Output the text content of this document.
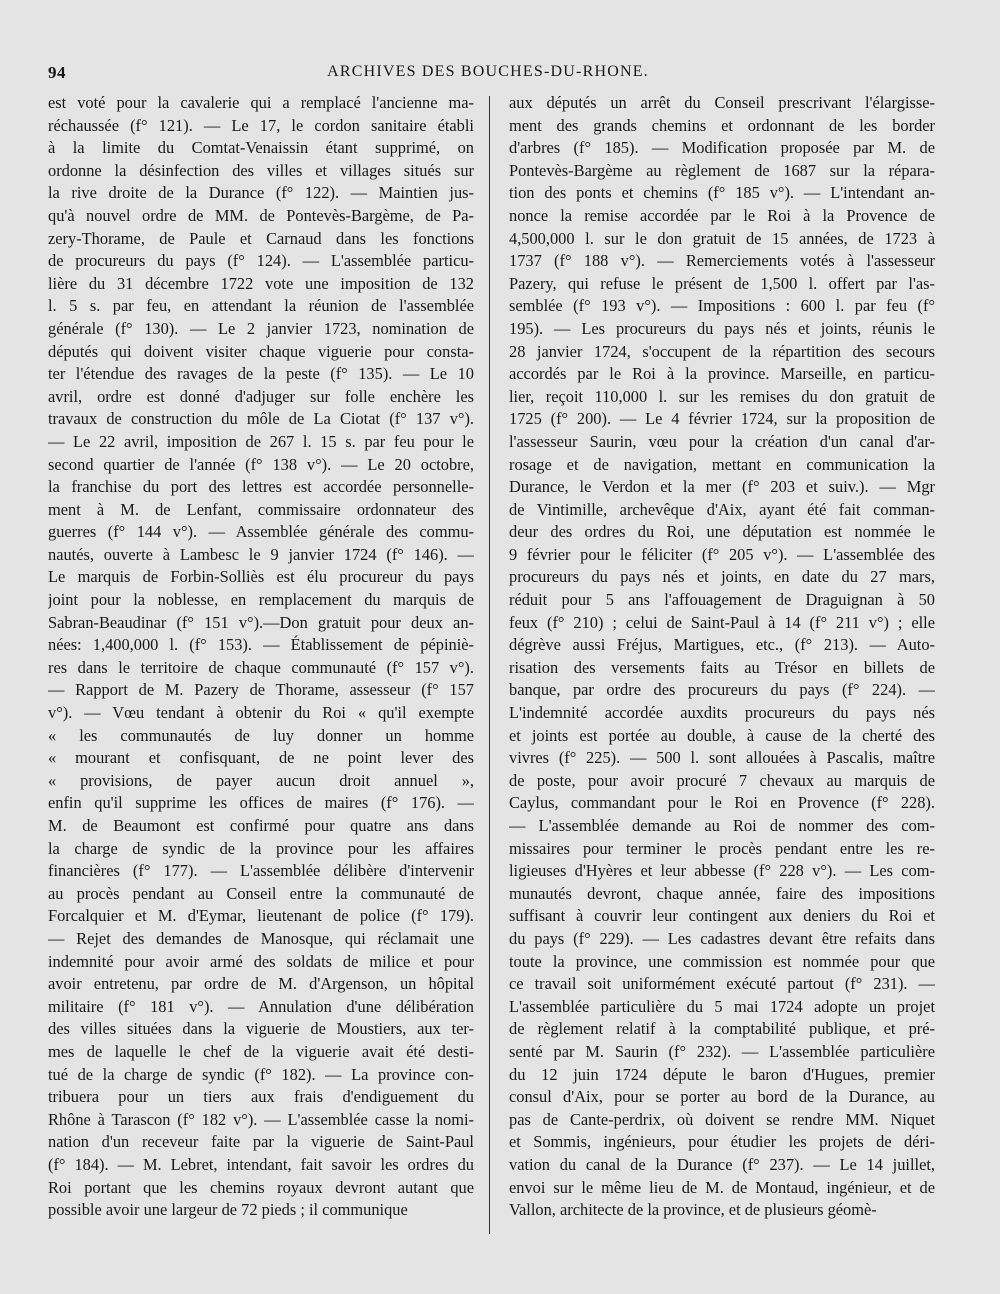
94	ARCHIVES DES BOUCHES-DU-RHONE.
est voté pour la cavalerie qui a remplacé l'ancienne ma-
réchaussée (f° 121). — Le 17, le cordon sanitaire établi
à la limite du Comtat-Venaissin étant supprimé, on
ordonne la désinfection des villes et villages situés sur
la rive droite de la Durance (f° 122). — Maintien jus-
qu'à nouvel ordre de MM. de Pontevès-Bargème, de Pa-
zery-Thorame, de Paule et Carnaud dans les fonctions
de procureurs du pays (f° 124). — L'assemblée particu-
lière du 31 décembre 1722 vote une imposition de 132
l. 5 s. par feu, en attendant la réunion de l'assemblée
générale (f° 130). — Le 2 janvier 1723, nomination de
députés qui doivent visiter chaque viguerie pour consta-
ter l'étendue des ravages de la peste (f° 135). — Le 10
avril, ordre est donné d'adjuger sur folle enchère les
travaux de construction du môle de La Ciotat (f° 137 v°).
— Le 22 avril, imposition de 267 l. 15 s. par feu pour le
second quartier de l'année (f° 138 v°). — Le 20 octobre,
la franchise du port des lettres est accordée personnelle-
ment à M. de Lenfant, commissaire ordonnateur des
guerres (f° 144 v°). — Assemblée générale des commu-
nautés, ouverte à Lambesc le 9 janvier 1724 (f° 146). —
Le marquis de Forbin-Solliès est élu procureur du pays
joint pour la noblesse, en remplacement du marquis de
Sabran-Beaudinar (f° 151 v°).—Don gratuit pour deux an-
nées: 1,400,000 l. (f° 153). — Établissement de pépiniè-
res dans le territoire de chaque communauté (f° 157 v°).
— Rapport de M. Pazery de Thorame, assesseur (f° 157
v°). — Vœu tendant à obtenir du Roi « qu'il exempte
« les communautés de luy donner un homme
« mourant et confisquant, de ne point lever des
« provisions, de payer aucun droit annuel »,
enfin qu'il supprime les offices de maires (f° 176). —
M. de Beaumont est confirmé pour quatre ans dans
la charge de syndic de la province pour les affaires
financières (f° 177). — L'assemblée délibère d'intervenir
au procès pendant au Conseil entre la communauté de
Forcalquier et M. d'Eymar, lieutenant de police (f° 179).
— Rejet des demandes de Manosque, qui réclamait une
indemnité pour avoir armé des soldats de milice et pour
avoir entretenu, par ordre de M. d'Argenson, un hôpital
militaire (f° 181 v°). — Annulation d'une délibération
des villes situées dans la viguerie de Moustiers, aux ter-
mes de laquelle le chef de la viguerie avait été desti-
tué de la charge de syndic (f° 182). — La province con-
tribuera pour un tiers aux frais d'endiguement du
Rhône à Tarascon (f° 182 v°). — L'assemblée casse la nomi-
nation d'un receveur faite par la viguerie de Saint-Paul
(f° 184). — M. Lebret, intendant, fait savoir les ordres du
Roi portant que les chemins royaux devront autant que
possible avoir une largeur de 72 pieds ; il communique
aux députés un arrêt du Conseil prescrivant l'élargisse-
ment des grands chemins et ordonnant de les border
d'arbres (f° 185). — Modification proposée par M. de
Pontevès-Bargème au règlement de 1687 sur la répara-
tion des ponts et chemins (f° 185 v°). — L'intendant an-
nonce la remise accordée par le Roi à la Provence de
4,500,000 l. sur le don gratuit de 15 années, de 1723 à
1737 (f° 188 v°). — Remerciements votés à l'assesseur
Pazery, qui refuse le présent de 1,500 l. offert par l'as-
semblée (f° 193 v°). — Impositions : 600 l. par feu (f°
195). — Les procureurs du pays nés et joints, réunis le
28 janvier 1724, s'occupent de la répartition des secours
accordés par le Roi à la province. Marseille, en particu-
lier, reçoit 110,000 l. sur les remises du don gratuit de
1725 (f° 200). — Le 4 février 1724, sur la proposition de
l'assesseur Saurin, vœu pour la création d'un canal d'ar-
rosage et de navigation, mettant en communication la
Durance, le Verdon et la mer (f° 203 et suiv.). — Mgr
de Vintimille, archevêque d'Aix, ayant été fait comman-
deur des ordres du Roi, une députation est nommée le
9 février pour le féliciter (f° 205 v°). — L'assemblée des
procureurs du pays nés et joints, en date du 27 mars,
réduit pour 5 ans l'affouagement de Draguignan à 50
feux (f° 210) ; celui de Saint-Paul à 14 (f° 211 v°) ; elle
dégrève aussi Fréjus, Martigues, etc., (f° 213). — Auto-
risation des versements faits au Trésor en billets de
banque, par ordre des procureurs du pays (f° 224). —
L'indemnité accordée auxdits procureurs du pays nés
et joints est portée au double, à cause de la cherté des
vivres (f° 225). — 500 l. sont allouées à Pascalis, maître
de poste, pour avoir procuré 7 chevaux au marquis de
Caylus, commandant pour le Roi en Provence (f° 228).
— L'assemblée demande au Roi de nommer des com-
missaires pour terminer le procès pendant entre les re-
ligieuses d'Hyères et leur abbesse (f° 228 v°). — Les com-
munautés devront, chaque année, faire des impositions
suffisant à couvrir leur contingent aux deniers du Roi et
du pays (f° 229). — Les cadastres devant être refaits dans
toute la province, une commission est nommée pour que
ce travail soit uniformément exécuté partout (f° 231). —
L'assemblée particulière du 5 mai 1724 adopte un projet
de règlement relatif à la comptabilité publique, et pré-
senté par M. Saurin (f° 232). — L'assemblée particulière
du 12 juin 1724 députe le baron d'Hugues, premier
consul d'Aix, pour se porter au bord de la Durance, au
pas de Cante-perdrix, où doivent se rendre MM. Niquet
et Sommis, ingénieurs, pour étudier les projets de déri-
vation du canal de la Durance (f° 237). — Le 14 juillet,
envoi sur le même lieu de M. de Montaud, ingénieur, et de
Vallon, architecte de la province, et de plusieurs géomè-
